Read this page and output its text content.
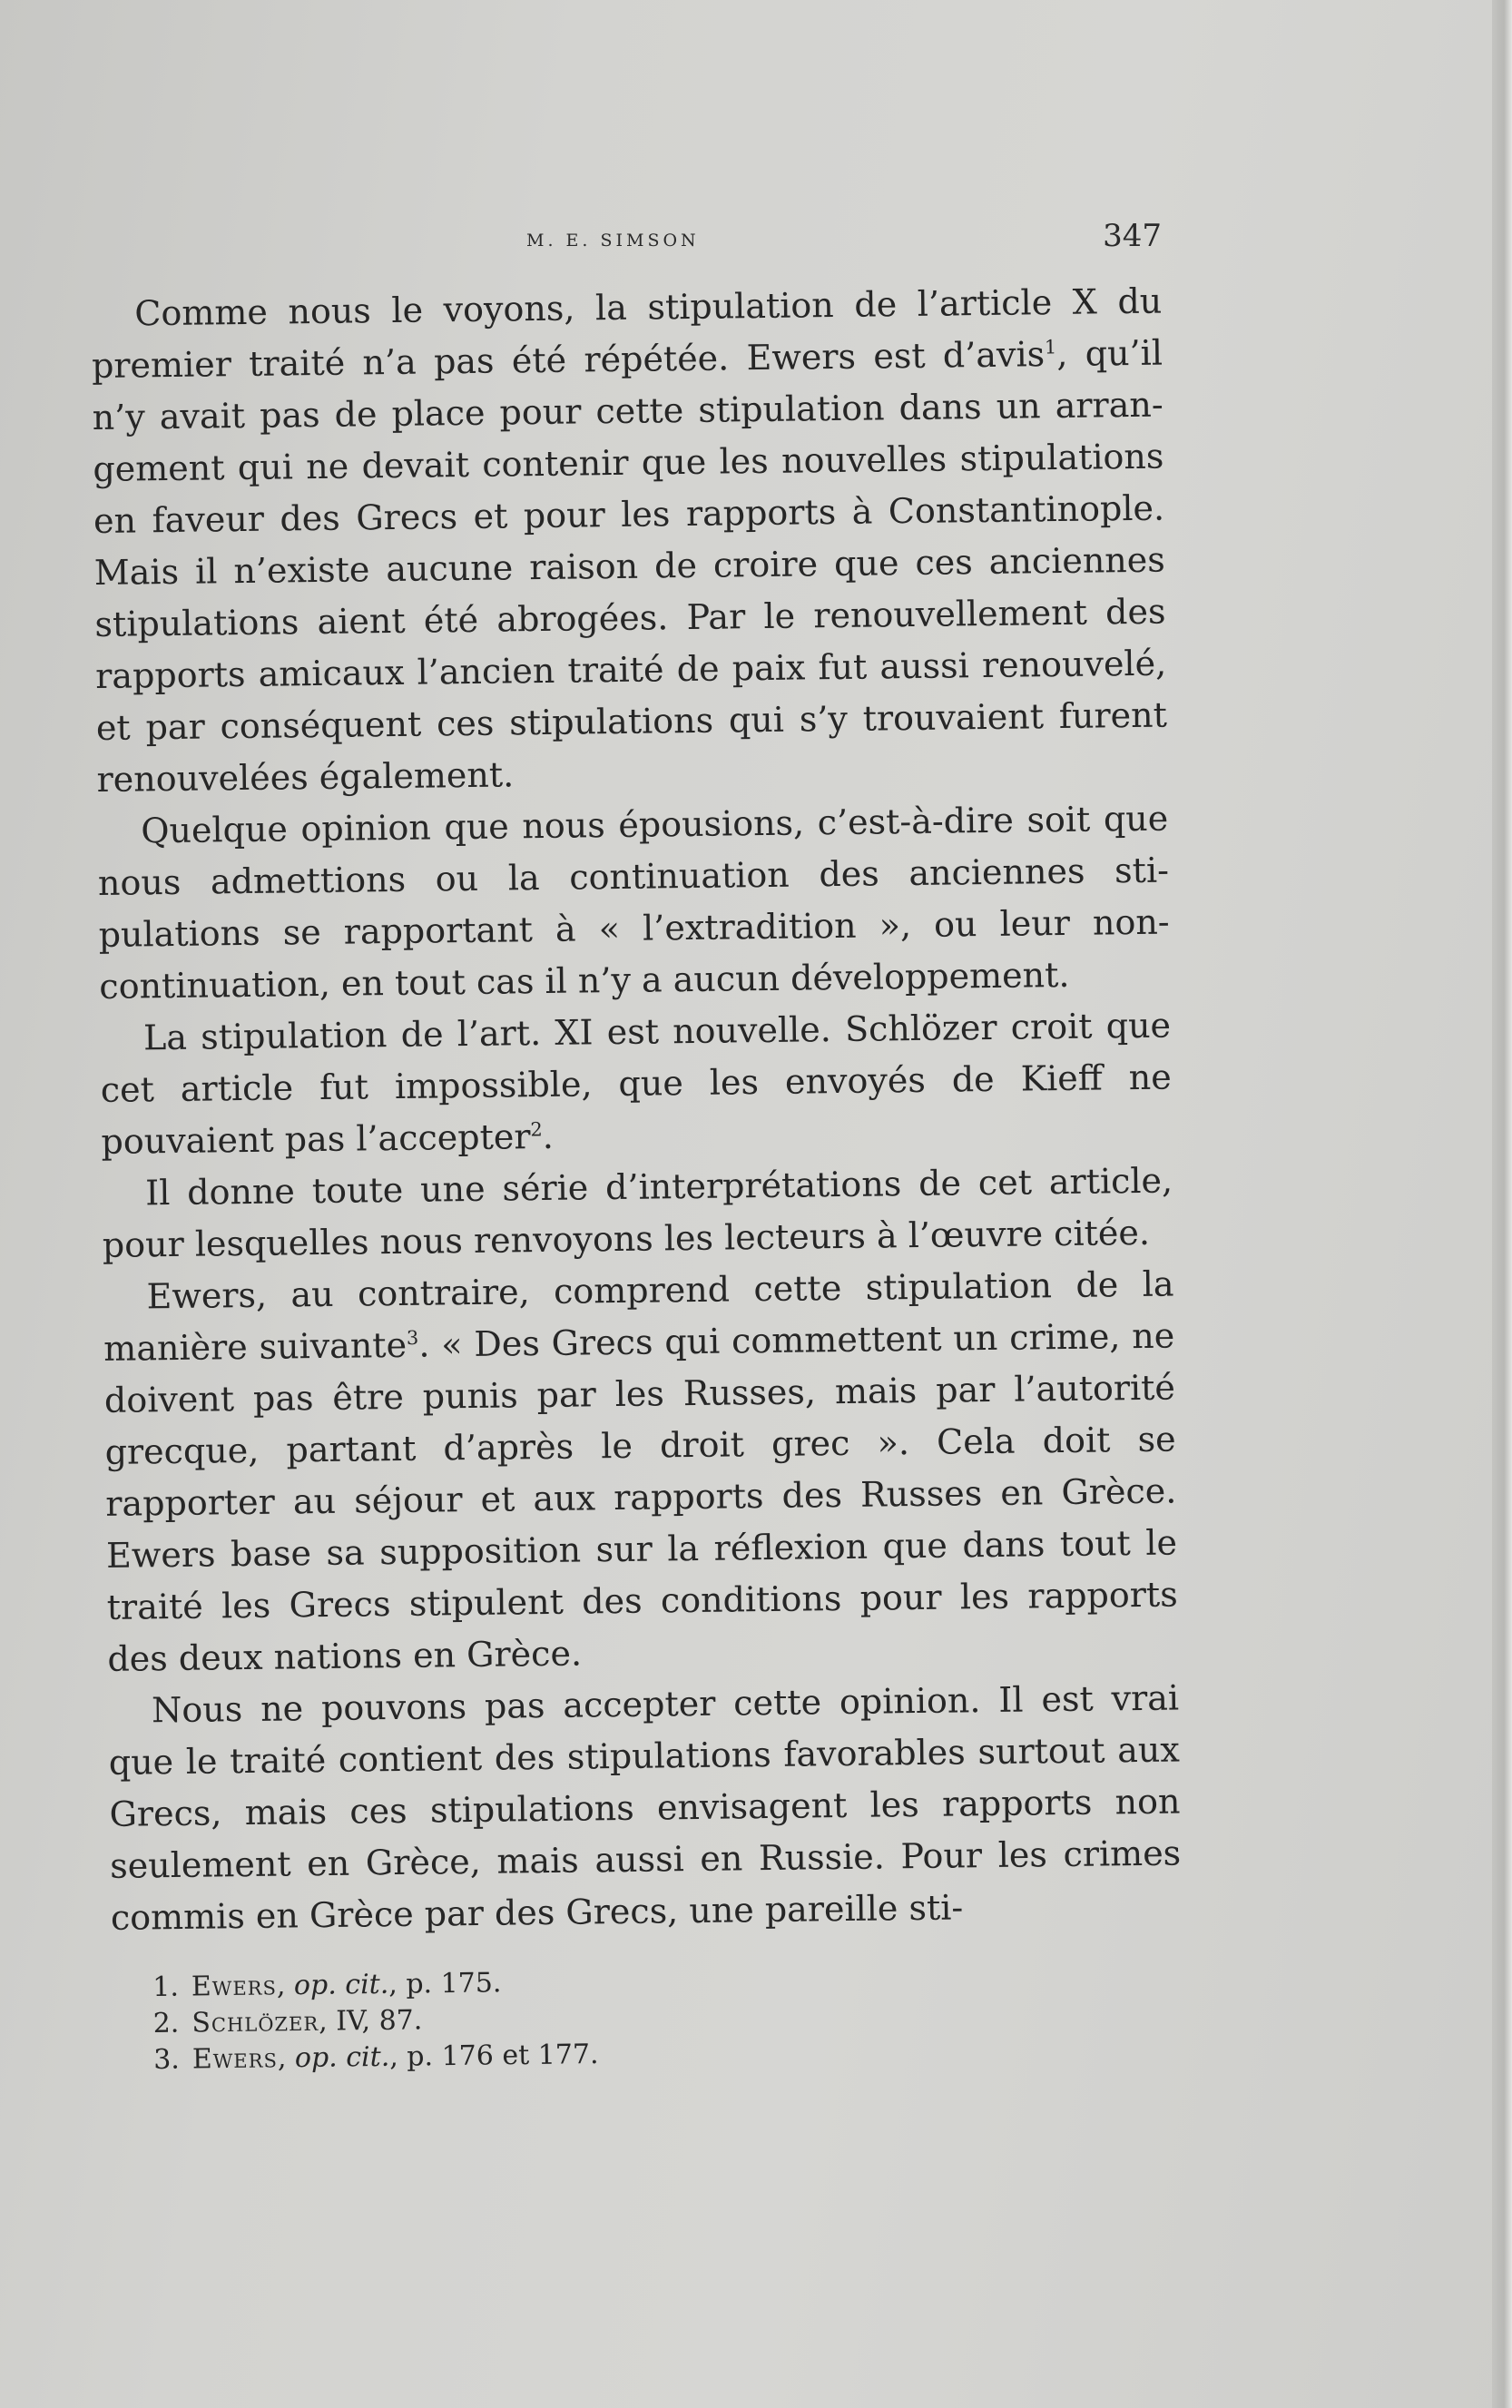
M. E. SIMSON	347

Comme nous le voyons, la stipulation de l’article X du premier traité n’a pas été répétée. Ewers est d’avis$^1$, qu’il n’y avait pas de place pour cette stipulation dans un arrangement qui ne devait contenir que les nouvelles stipulations en faveur des Grecs et pour les rapports à Constantinople. Mais il n’existe aucune raison de croire que ces anciennes stipulations aient été abrogées. Par le renouvellement des rapports amicaux l’ancien traité de paix fut aussi renouvelé, et par conséquent ces stipulations qui s’y trouvaient furent renouvelées également.

Quelque opinion que nous épousions, c’est-à-dire soit que nous admettions ou la continuation des anciennes stipulations se rapportant à « l’extradition », ou leur non-continuation, en tout cas il n’y a aucun développement.

La stipulation de l’art. XI est nouvelle. Schlözer croit que cet article fut impossible, que les envoyés de Kieff ne pouvaient pas l’accepter$^2$.

Il donne toute une série d’interprétations de cet article, pour lesquelles nous renvoyons les lecteurs à l’œuvre citée.

Ewers, au contraire, comprend cette stipulation de la manière suivante$^3$. « Des Grecs qui commettent un crime, ne doivent pas être punis par les Russes, mais par l’autorité grecque, partant d’après le droit grec ». Cela doit se rapporter au séjour et aux rapports des Russes en Grèce. Ewers base sa supposition sur la réflexion que dans tout le traité les Grecs stipulent des conditions pour les rapports des deux nations en Grèce.

Nous ne pouvons pas accepter cette opinion. Il est vrai que le traité contient des stipulations favorables surtout aux Grecs, mais ces stipulations envisagent les rapports non seulement en Grèce, mais aussi en Russie. Pour les crimes commis en Grèce par des Grecs, une pareille sti-

1. Ewers, op. cit., p. 175.
2. Schlözer, IV, 87.
3. Ewers, op. cit., p. 176 et 177.
